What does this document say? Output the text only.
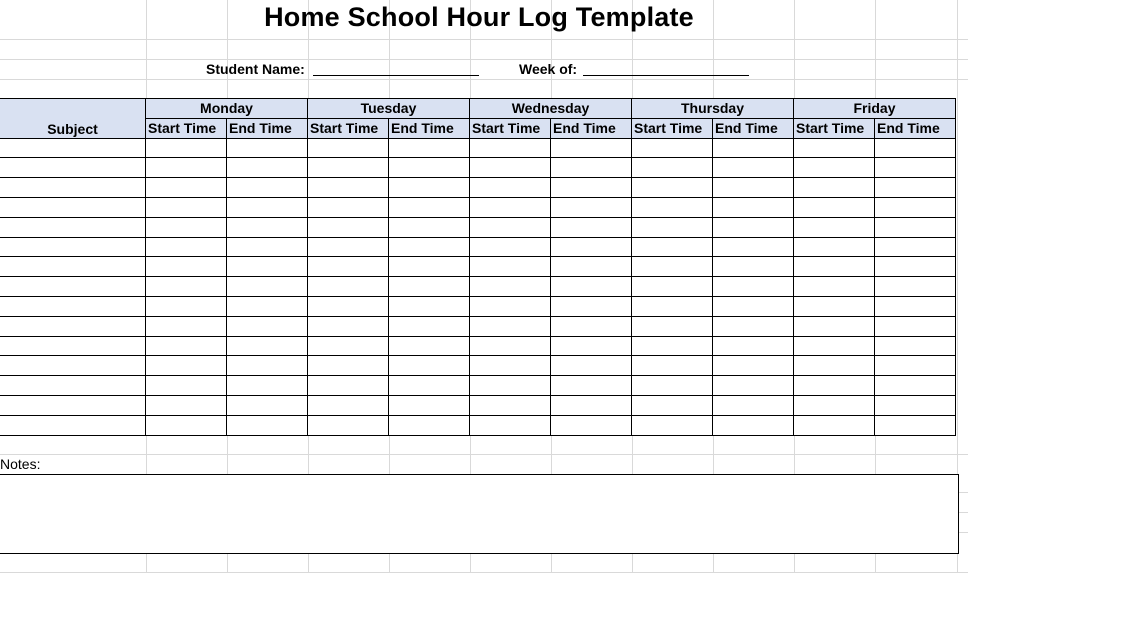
Home School Hour Log Template
Student Name:	Week of:
Subject	Monday		Tuesday		Wednesday		Thursday		Friday	
	Start Time	End Time	Start Time	End Time	Start Time	End Time	Start Time	End Time	Start Time	End Time

Notes:
